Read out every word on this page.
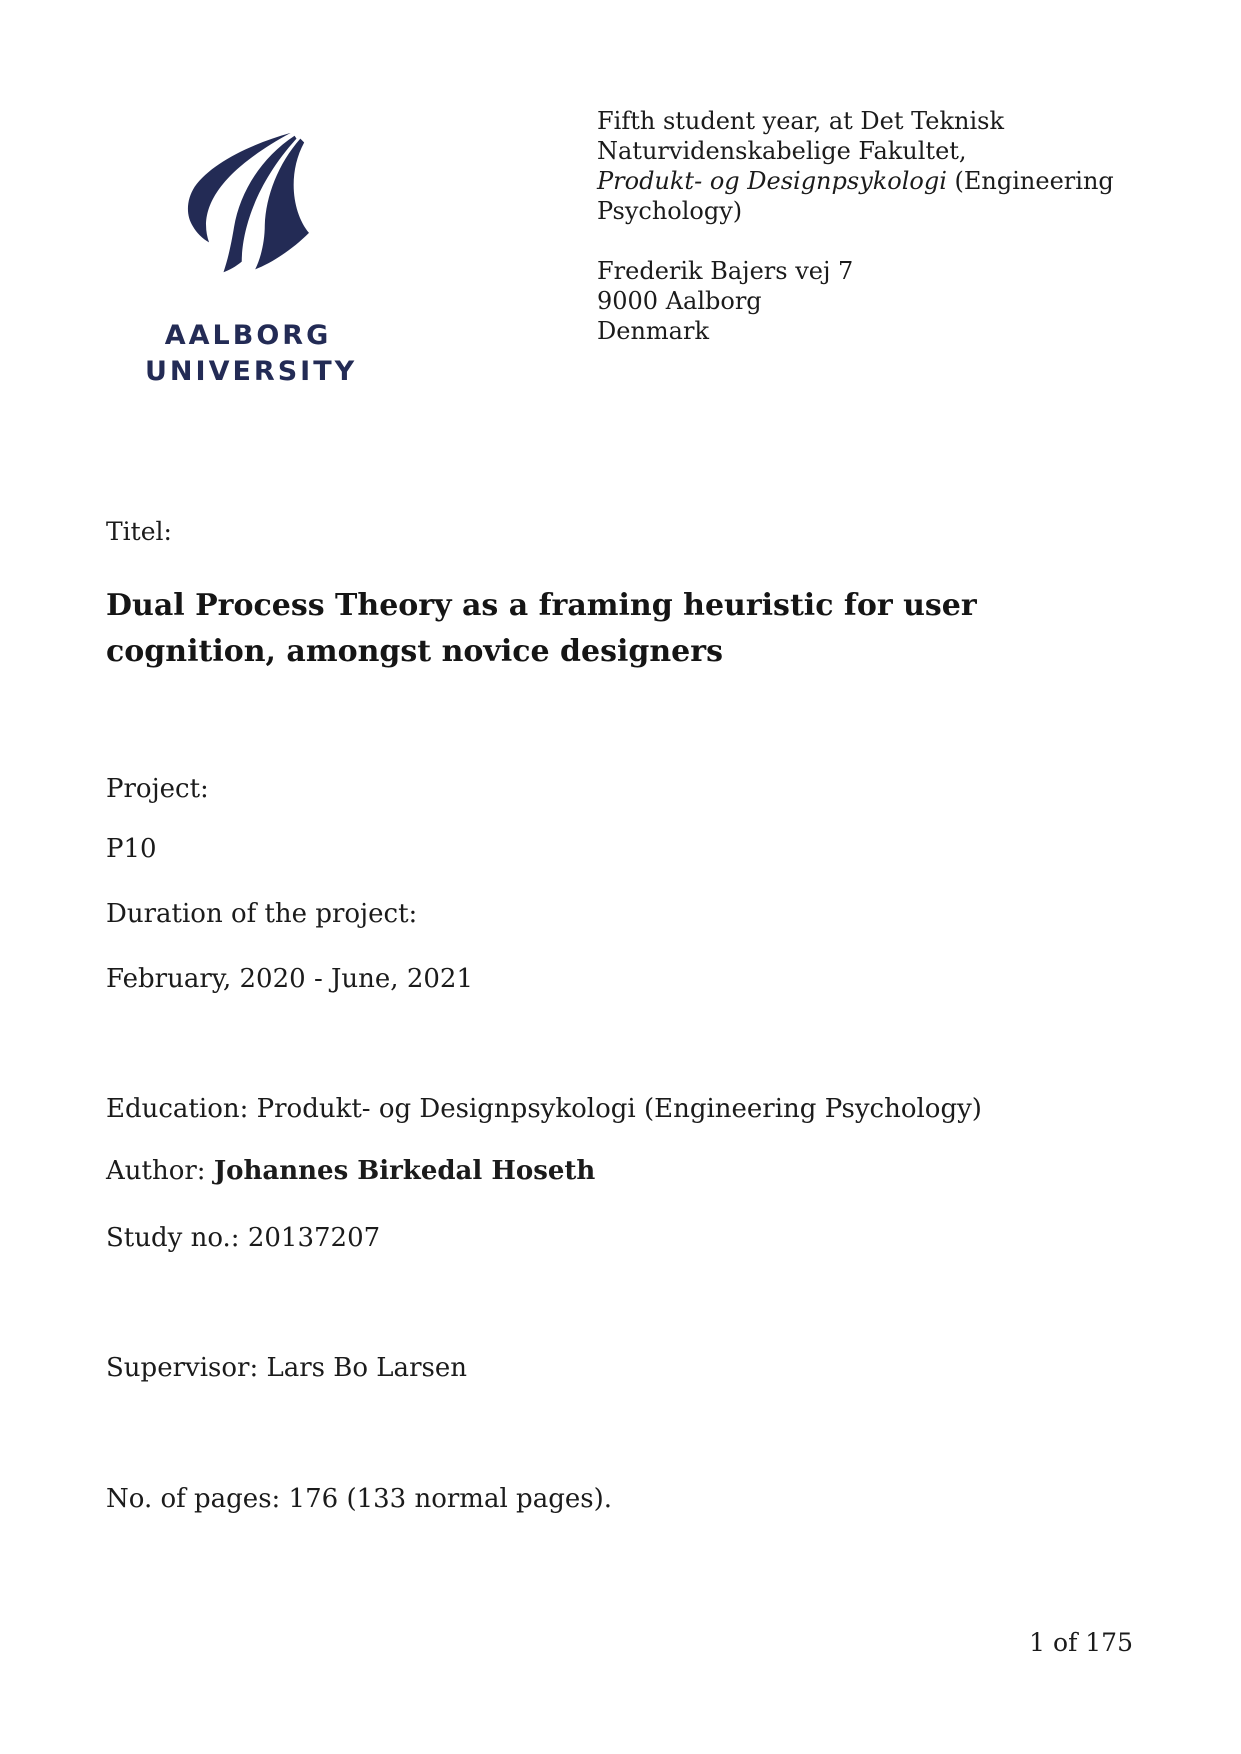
AALBORG
UNIVERSITY
Fifth student year, at Det Teknisk
Naturvidenskabelige Fakultet,
Produkt- og Designpsykologi (Engineering
Psychology)
Frederik Bajers vej 7
9000 Aalborg
Denmark
Titel:
Dual Process Theory as a framing heuristic for user cognition, amongst novice designers
Project:
P10
Duration of the project:
February, 2020 - June, 2021
Education: Produkt- og Designpsykologi (Engineering Psychology)
Author: Johannes Birkedal Hoseth
Study no.: 20137207
Supervisor: Lars Bo Larsen
No. of pages: 176 (133 normal pages).
1 of 175
